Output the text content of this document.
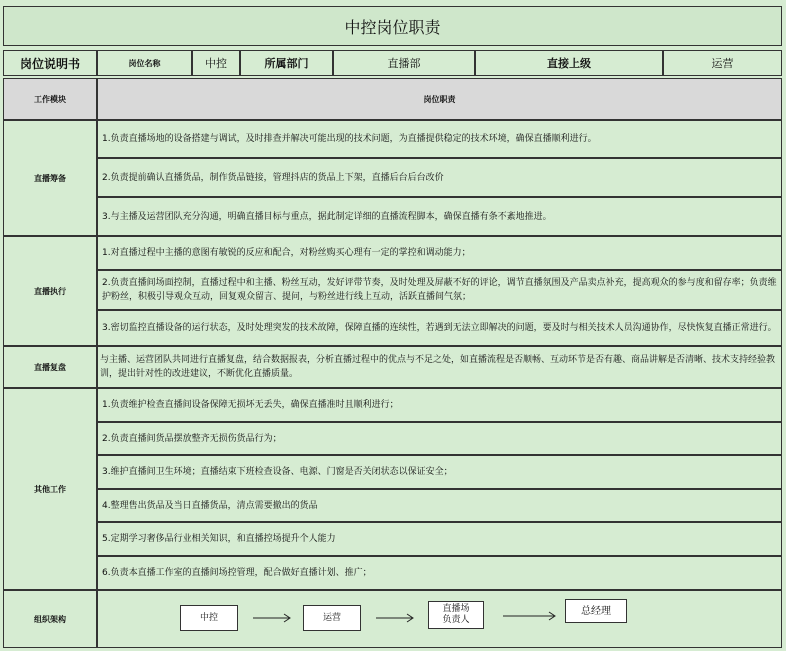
中控岗位职责
岗位说明书	岗位名称	中控	所属部门	直播部	直接上级	运营
工作模块	岗位职责
直播筹备
1.负责直播场地的设备搭建与调试，及时排查并解决可能出现的技术问题，为直播提供稳定的技术环境，确保直播顺利进行。
2.负责提前确认直播货品，制作货品链接，管理抖店的货品上下架，直播后台后台改价
3.与主播及运营团队充分沟通，明确直播目标与重点，据此制定详细的直播流程脚本，确保直播有条不紊地推进。
直播执行
1.对直播过程中主播的意图有敏锐的反应和配合，对粉丝购买心理有一定的掌控和调动能力；
2.负责直播间场面控制，直播过程中和主播、粉丝互动，发好评带节奏，及时处理及屏蔽不好的评论，调节直播氛围及产品卖点补充，提高观众的参与度和留存率；负责维护粉丝，积极引导观众互动，回复观众留言、提问，与粉丝进行线上互动，活跃直播间气氛；
3.密切监控直播设备的运行状态，及时处理突发的技术故障，保障直播的连续性，若遇到无法立即解决的问题，要及时与相关技术人员沟通协作，尽快恢复直播正常进行。
直播复盘
与主播、运营团队共同进行直播复盘，结合数据报表，分析直播过程中的优点与不足之处，如直播流程是否顺畅、互动环节是否有趣、商品讲解是否清晰、技术支持经验教训，提出针对性的改进建议，不断优化直播质量。
其他工作
1.负责维护检查直播间设备保障无损坏无丢失，确保直播准时且顺利进行；
2.负责直播间货品摆放整齐无损伤货品行为；
3.维护直播间卫生环境；直播结束下班检查设备、电源、门窗是否关闭状态以保证安全；
4.整理售出货品及当日直播货品，清点需要撤出的货品
5.定期学习奢侈品行业相关知识，和直播控场提升个人能力
6.负责本直播工作室的直播间场控管理，配合做好直播计划、推广；
组织架构	中控	运营
直播场
负责人
总经理
